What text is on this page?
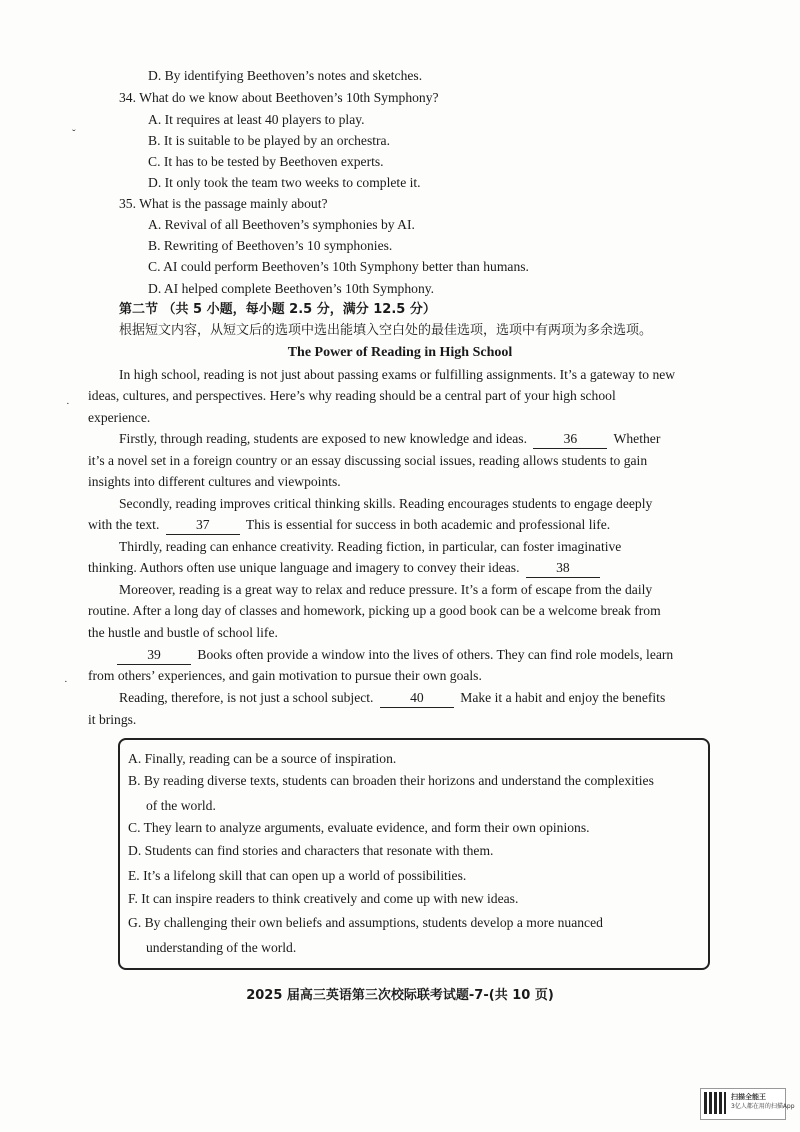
D. By identifying Beethoven’s notes and sketches.
34. What do we know about Beethoven’s 10th Symphony?
A. It requires at least 40 players to play.
B. It is suitable to be played by an orchestra.
C. It has to be tested by Beethoven experts.
D. It only took the team two weeks to complete it.
35. What is the passage mainly about?
A. Revival of all Beethoven’s symphonies by AI.
B. Rewriting of Beethoven’s 10 symphonies.
C. AI could perform Beethoven’s 10th Symphony better than humans.
D. AI helped complete Beethoven’s 10th Symphony.
第二节 （共 5 小题，每小题 2.5 分，满分 12.5 分）
根据短文内容，从短文后的选项中选出能填入空白处的最佳选项，选项中有两项为多余选项。
The Power of Reading in High School
In high school, reading is not just about passing exams or fulfilling assignments. It’s a gateway to new
ideas, cultures, and perspectives. Here’s why reading should be a central part of your high school
experience.
Firstly, through reading, students are exposed to new knowledge and ideas.	36	Whether
it’s a novel set in a foreign country or an essay discussing social issues, reading allows students to gain
insights into different cultures and viewpoints.
Secondly, reading improves critical thinking skills. Reading encourages students to engage deeply
with the text.	37	This is essential for success in both academic and professional life.
Thirdly, reading can enhance creativity. Reading fiction, in particular, can foster imaginative
thinking. Authors often use unique language and imagery to convey their ideas.	38
Moreover, reading is a great way to relax and reduce pressure. It’s a form of escape from the daily
routine. After a long day of classes and homework, picking up a good book can be a welcome break from
the hustle and bustle of school life.
39	Books often provide a window into the lives of others. They can find role models, learn
from others’ experiences, and gain motivation to pursue their own goals.
Reading, therefore, is not just a school subject.	40	Make it a habit and enjoy the benefits
it brings.
A. Finally, reading can be a source of inspiration.
B. By reading diverse texts, students can broaden their horizons and understand the complexities
of the world.
C. They learn to analyze arguments, evaluate evidence, and form their own opinions.
D. Students can find stories and characters that resonate with them.
E. It’s a lifelong skill that can open up a world of possibilities.
F. It can inspire readers to think creatively and come up with new ideas.
G. By challenging their own beliefs and assumptions, students develop a more nuanced
understanding of the world.
2025 届高三英语第三次校际联考试题-7-(共 10 页)
ˇ
·
·
扫描全能王
3亿人都在用的扫描App
